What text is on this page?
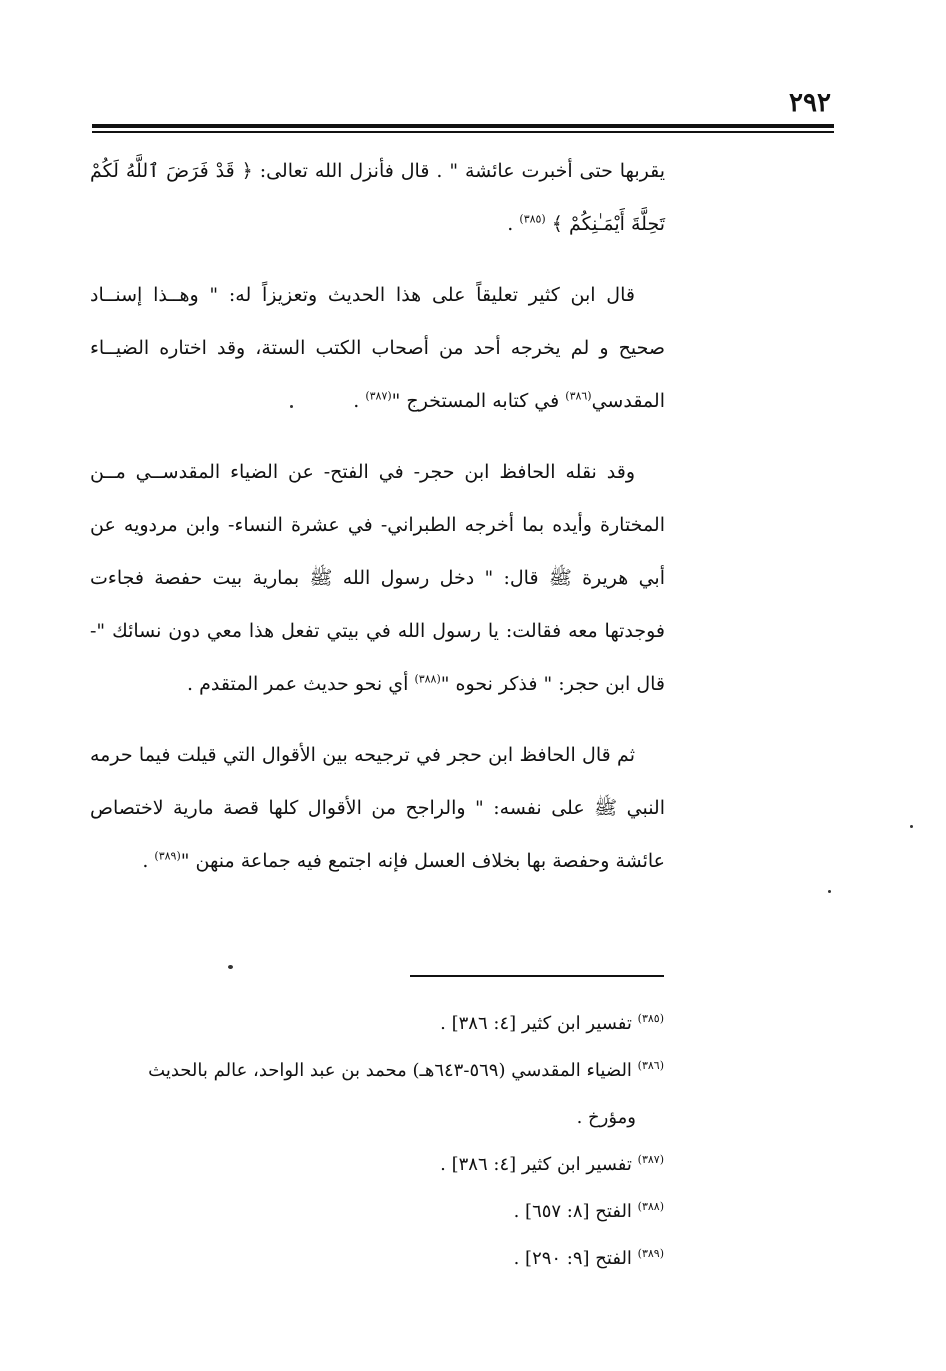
٢٩٢

يقربها حتى أخبرت عائشة " . قال فأنزل الله تعالى: ﴿ قَدْ فَرَضَ ٱللَّهُ لَكُمْ تَحِلَّةَ أَيْمَـٰنِكُمْ ﴾ $^{(٣٨٥)}$ .

قال ابن كثير تعليقاً على هذا الحديث وتعزيزاً له: " وهــذا إسنــاد صحيح و لم يخرجه أحد من أصحاب الكتب الستة، وقد اختاره الضيــاء المقدسي$^{(٣٨٦)}$ في كتابه المستخرج "$^{(٣٨٧)}$ .

وقد نقله الحافظ ابن حجر- في الفتح- عن الضياء المقدســي مــن المختارة وأيده بما أخرجه الطبراني- في عشرة النساء- وابن مردويه عن أبي هريرة ﷺ قال: " دخل رسول الله ﷺ بمارية بيت حفصة فجاءت فوجدتها معه فقالت: يا رسول الله في بيتي تفعل هذا معي دون نسائك "- قال ابن حجر: " فذكر نحوه "$^{(٣٨٨)}$ أي نحو حديث عمر المتقدم .

ثم قال الحافظ ابن حجر في ترجيحه بين الأقوال التي قيلت فيما حرمه النبي ﷺ على نفسه: " والراجح من الأقوال كلها قصة مارية لاختصاص عائشة وحفصة بها بخلاف العسل فإنه اجتمع فيه جماعة منهن "$^{(٣٨٩)}$ .

$^{(٣٨٥)}$ تفسير ابن كثير [٤: ٣٨٦] .

$^{(٣٨٦)}$ الضياء المقدسي (٥٦٩-٦٤٣هـ) محمد بن عبد الواحد، عالم بالحديث

ومؤرخ .

$^{(٣٨٧)}$ تفسير ابن كثير [٤: ٣٨٦] .

$^{(٣٨٨)}$ الفتح [٨: ٦٥٧] .

$^{(٣٨٩)}$ الفتح [٩: ٢٩٠] .
